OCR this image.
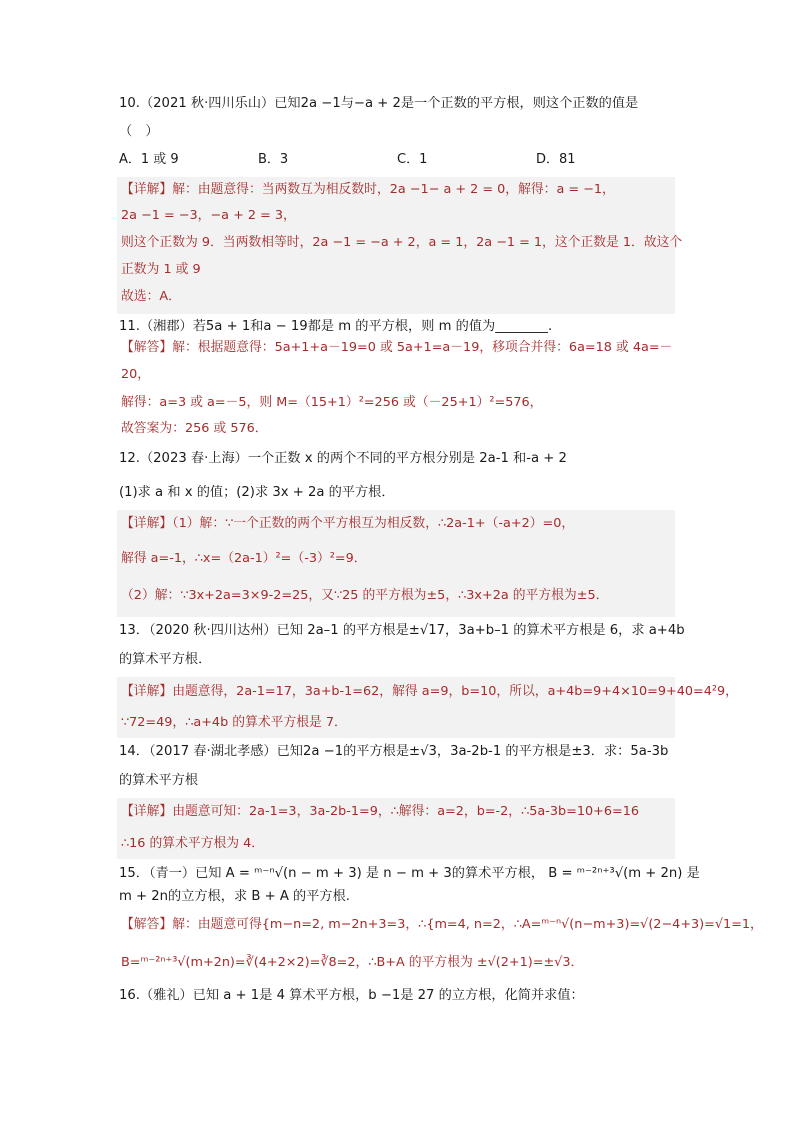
10.（2021 秋·四川乐山）已知2a −1与−a + 2是一个正数的平方根，则这个正数的值是
（　）
A．1 或 9	B．3	C．1	D．81
【详解】解：由题意得：当两数互为相反数时，2a −1− a + 2 = 0，解得：a = −1，
2a −1 = −3，−a + 2 = 3，
则这个正数为 9．当两数相等时，2a −1 = −a + 2，a = 1，2a −1 = 1，这个正数是 1．故这个
正数为 1 或 9
故选：A．
11.（湘郡）若5a + 1和a − 19都是 m 的平方根，则 m 的值为________.
【解答】解：根据题意得：5a+1+a－19=0 或 5a+1=a－19，移项合并得：6a=18 或 4a=－
20，
解得：a=3 或 a=－5，则 M=（15+1）²=256 或（－25+1）²=576，
故答案为：256 或 576．
12.（2023 春·上海）一个正数 x 的两个不同的平方根分别是 2a-1 和-a + 2
(1)求 a 和 x 的值；(2)求 3x + 2a 的平方根．
【详解】（1）解：∵一个正数的两个平方根互为相反数，∴2a-1+（-a+2）=0，
解得 a=-1，∴x=（2a-1）²=（-3）²=9．
（2）解：∵3x+2a=3×9-2=25，又∵25 的平方根为±5，∴3x+2a 的平方根为±5．
13．（2020 秋·四川达州）已知 2a–1 的平方根是±√17，3a+b–1 的算术平方根是 6，求 a+4b
的算术平方根．
【详解】由题意得，2a-1=17，3a+b-1=62，解得 a=9，b=10，所以，a+4b=9+4×10=9+40=4²9，
∵72=49，∴a+4b 的算术平方根是 7．
14．（2017 春·湖北孝感）已知2a −1的平方根是±√3，3a-2b-1 的平方根是±3．求：5a-3b
的算术平方根
【详解】由题意可知：2a-1=3，3a-2b-1=9，∴解得：a=2，b=-2，∴5a-3b=10+6=16
∴16 的算术平方根为 4．
15．（青一）已知 A = ᵐ⁻ⁿ√(n − m + 3) 是 n − m + 3的算术平方根， B = ᵐ⁻²ⁿ⁺³√(m + 2n) 是
m + 2n的立方根，求 B + A 的平方根.
【解答】解：由题意可得{m−n=2, m−2n+3=3，∴{m=4, n=2，∴A=ᵐ⁻ⁿ√(n−m+3)=√(2−4+3)=√1=1，
B=ᵐ⁻²ⁿ⁺³√(m+2n)=∛(4+2×2)=∛8=2，∴B+A 的平方根为 ±√(2+1)=±√3．
16.（雅礼）已知 a + 1是 4 算术平方根，b −1是 27 的立方根，化简并求值：
